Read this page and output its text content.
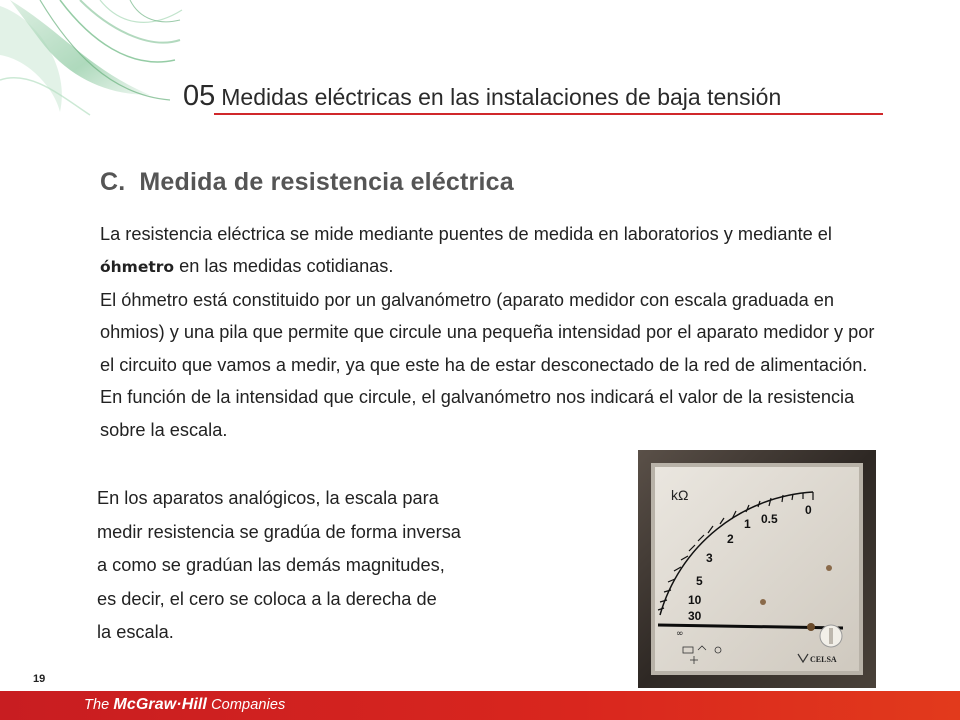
05 Medidas eléctricas en las instalaciones de baja tensión
C. Medida de resistencia eléctrica
La resistencia eléctrica se mide mediante puentes de medida en laboratorios y mediante el óhmetro en las medidas cotidianas.
El óhmetro está constituido por un galvanómetro (aparato medidor con escala graduada en ohmios) y una pila que permite que circule una pequeña intensidad por el aparato medidor y por el circuito que vamos a medir, ya que este ha de estar desconectado de la red de alimentación. En función de la intensidad que circule, el galvanómetro nos indicará el valor de la resistencia sobre la escala.
En los aparatos analógicos, la escala para
medir resistencia se gradúa de forma inversa
a como se gradúan las demás magnitudes,
es decir, el cero se coloca a la derecha de
la escala.
kΩ
0
0.5
1
2
3
5
10
30
∞
CELSA
19
The McGraw·Hill Companies
